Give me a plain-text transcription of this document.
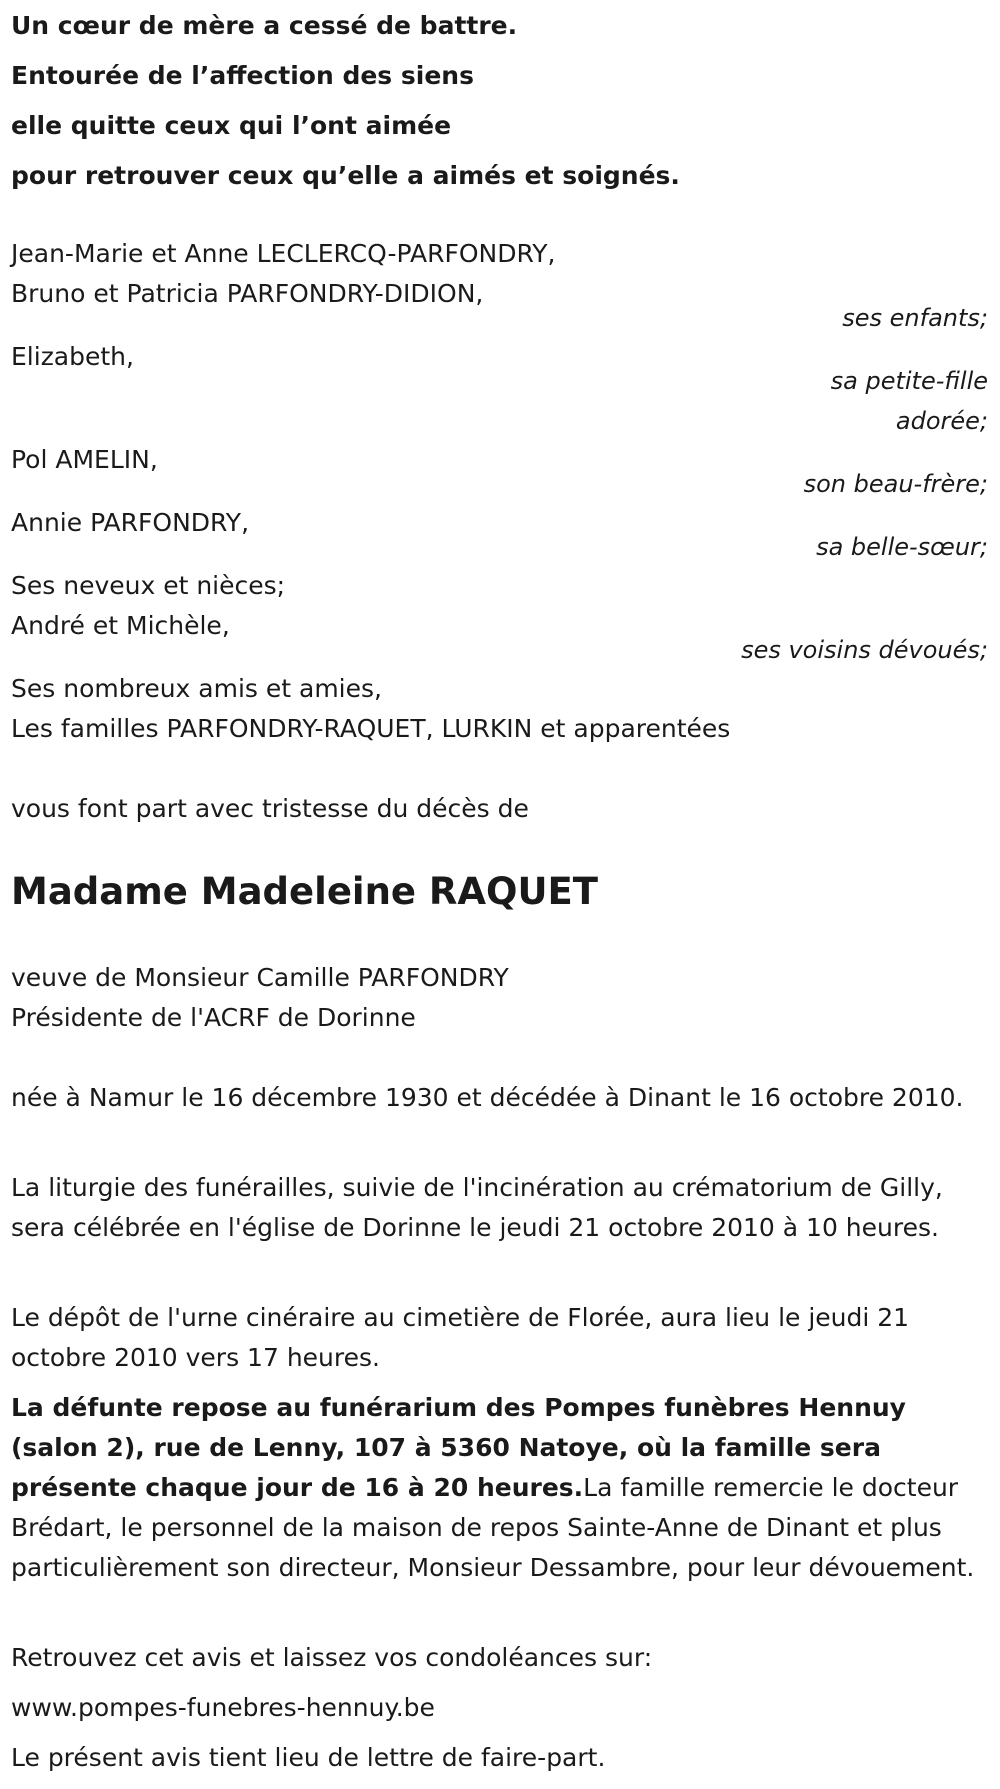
Un cœur de mère a cessé de battre.
Entourée de l’affection des siens
elle quitte ceux qui l’ont aimée
pour retrouver ceux qu’elle a aimés et soignés.
Jean-Marie et Anne LECLERCQ-PARFONDRY,
Bruno et Patricia PARFONDRY-DIDION,
ses enfants;
Elizabeth,
sa petite-fille
adorée;
Pol AMELIN,
son beau-frère;
Annie PARFONDRY,
sa belle-sœur;
Ses neveux et nièces;
André et Michèle,
ses voisins dévoués;
Ses nombreux amis et amies,
Les familles PARFONDRY-RAQUET, LURKIN et apparentées
vous font part avec tristesse du décès de
Madame Madeleine RAQUET
veuve de Monsieur Camille PARFONDRY
Présidente de l'ACRF de Dorinne
née à Namur le 16 décembre 1930 et décédée à Dinant le 16 octobre 2010.
La liturgie des funérailles, suivie de l'incinération au crématorium de Gilly, sera célébrée en l'église de Dorinne le jeudi 21 octobre 2010 à 10 heures.
Le dépôt de l'urne cinéraire au cimetière de Florée, aura lieu le jeudi 21 octobre 2010 vers 17 heures.
La défunte repose au funérarium des Pompes funèbres Hennuy (salon 2), rue de Lenny, 107 à 5360 Natoye, où la famille sera présente chaque jour de 16 à 20 heures.La famille remercie le docteur Brédart, le personnel de la maison de repos Sainte-Anne de Dinant et plus particulièrement son directeur, Monsieur Dessambre, pour leur dévouement.
Retrouvez cet avis et laissez vos condoléances sur:
www.pompes-funebres-hennuy.be
Le présent avis tient lieu de lettre de faire-part.
